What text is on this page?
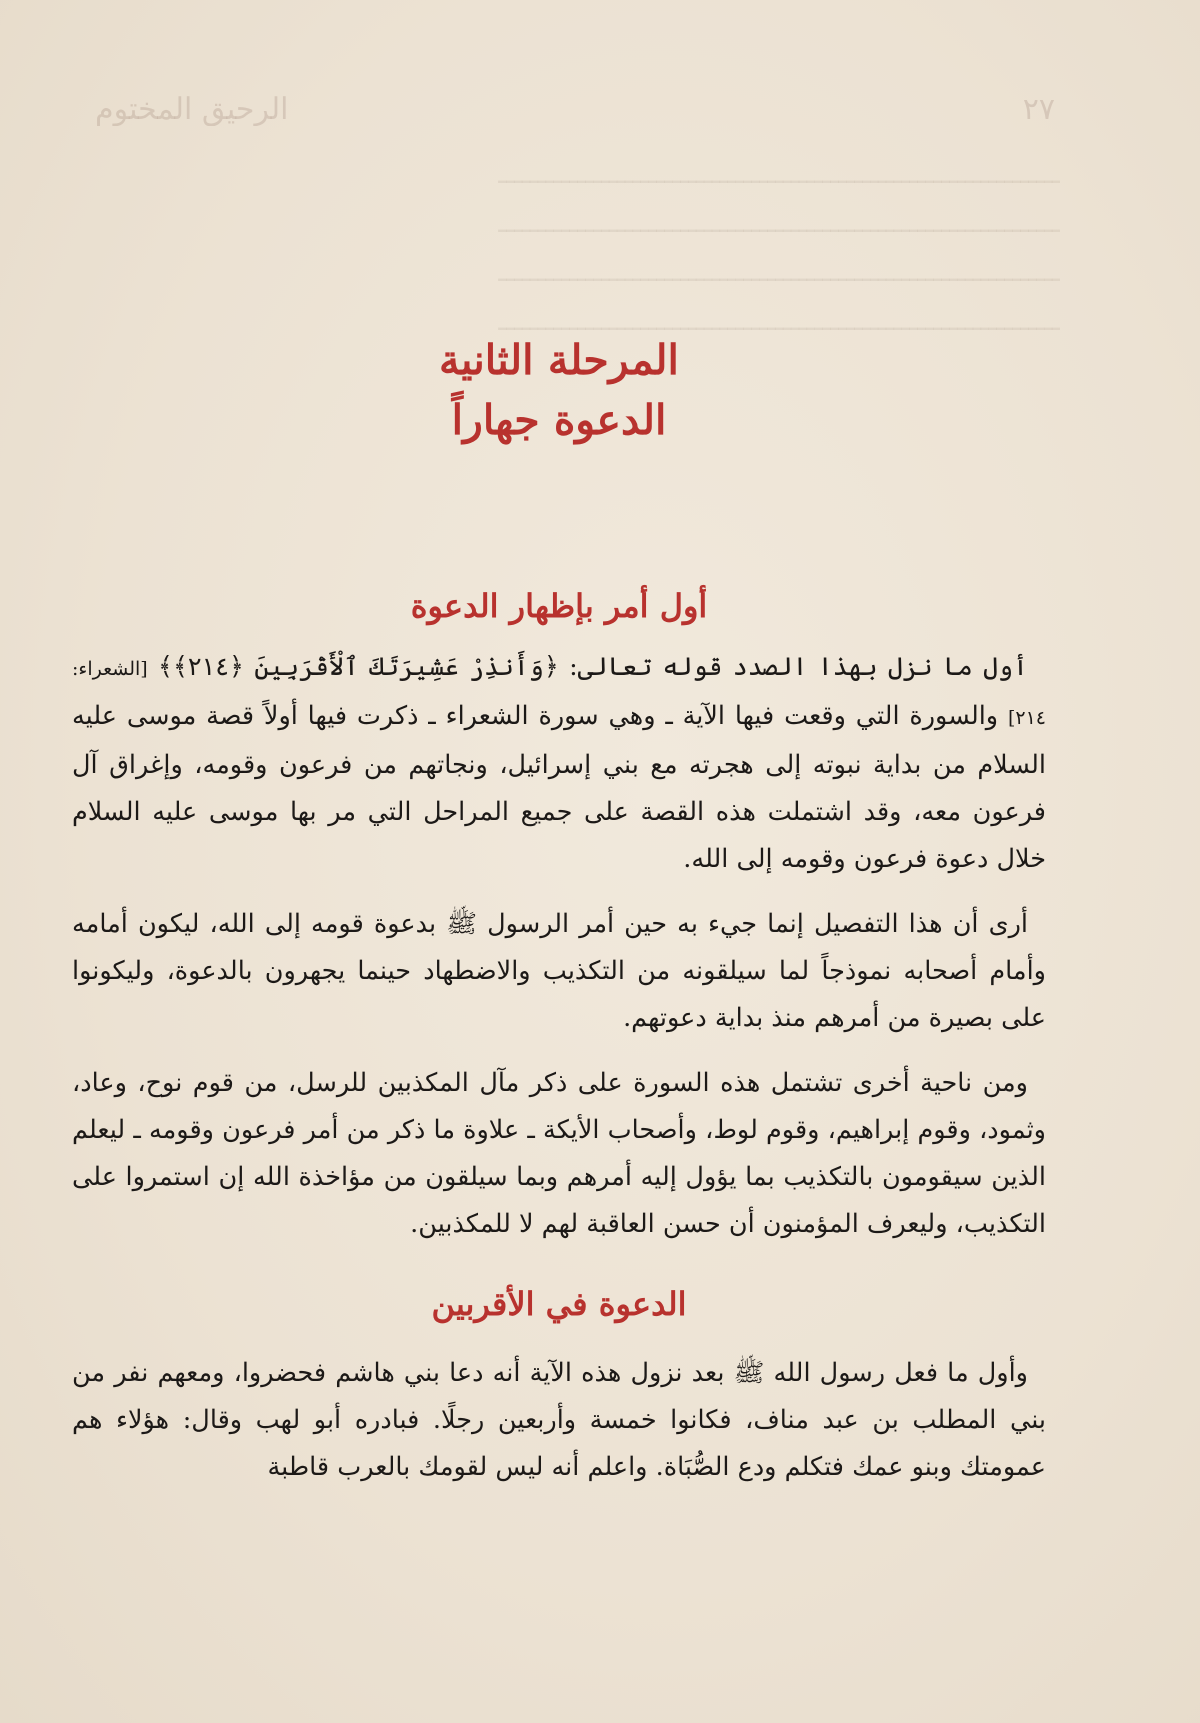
ـــــــــــــــــــــــــــــــــــــــــــــــــــــــــــــــــــــــ
ـــــــــــــــــــــــــــــــــــــــــــــــــــــــــــــــــــــــ
ـــــــــــــــــــــــــــــــــــــــــــــــــــــــــــــــــــــــ
ـــــــــــــــــــــــــــــــــــــــــــــــــــــــــــــــــــــــ
٢٧
الرحيق المختوم
المرحلة الثانية
الدعوة جهاراً
أول أمر بإظهار الدعوة

أول ما نزل بهذا الصدد قوله تعالى: ﴿وَأَنذِرْ عَشِيرَتَكَ ٱلْأَقْرَبِينَ ﴿٢١٤﴾﴾ [الشعراء: ٢١٤] والسورة التي وقعت فيها الآية ـ وهي سورة الشعراء ـ ذكرت فيها أولاً قصة موسى عليه السلام من بداية نبوته إلى هجرته مع بني إسرائيل، ونجاتهم من فرعون وقومه، وإغراق آل فرعون معه، وقد اشتملت هذه القصة على جميع المراحل التي مر بها موسى عليه السلام خلال دعوة فرعون وقومه إلى الله.

أرى أن هذا التفصيل إنما جيء به حين أمر الرسول ﷺ بدعوة قومه إلى الله، ليكون أمامه وأمام أصحابه نموذجاً لما سيلقونه من التكذيب والاضطهاد حينما يجهرون بالدعوة، وليكونوا على بصيرة من أمرهم منذ بداية دعوتهم.

ومن ناحية أخرى تشتمل هذه السورة على ذكر مآل المكذبين للرسل، من قوم نوح، وعاد، وثمود، وقوم إبراهيم، وقوم لوط، وأصحاب الأيكة ـ علاوة ما ذكر من أمر فرعون وقومه ـ ليعلم الذين سيقومون بالتكذيب بما يؤول إليه أمرهم وبما سيلقون من مؤاخذة الله إن استمروا على التكذيب، وليعرف المؤمنون أن حسن العاقبة لهم لا للمكذبين.

الدعوة في الأقربين

وأول ما فعل رسول الله ﷺ بعد نزول هذه الآية أنه دعا بني هاشم فحضروا، ومعهم نفر من بني المطلب بن عبد مناف، فكانوا خمسة وأربعين رجلًا. فبادره أبو لهب وقال: هؤلاء هم عمومتك وبنو عمك فتكلم ودع الصُّبَاة. واعلم أنه ليس لقومك بالعرب قاطبة
